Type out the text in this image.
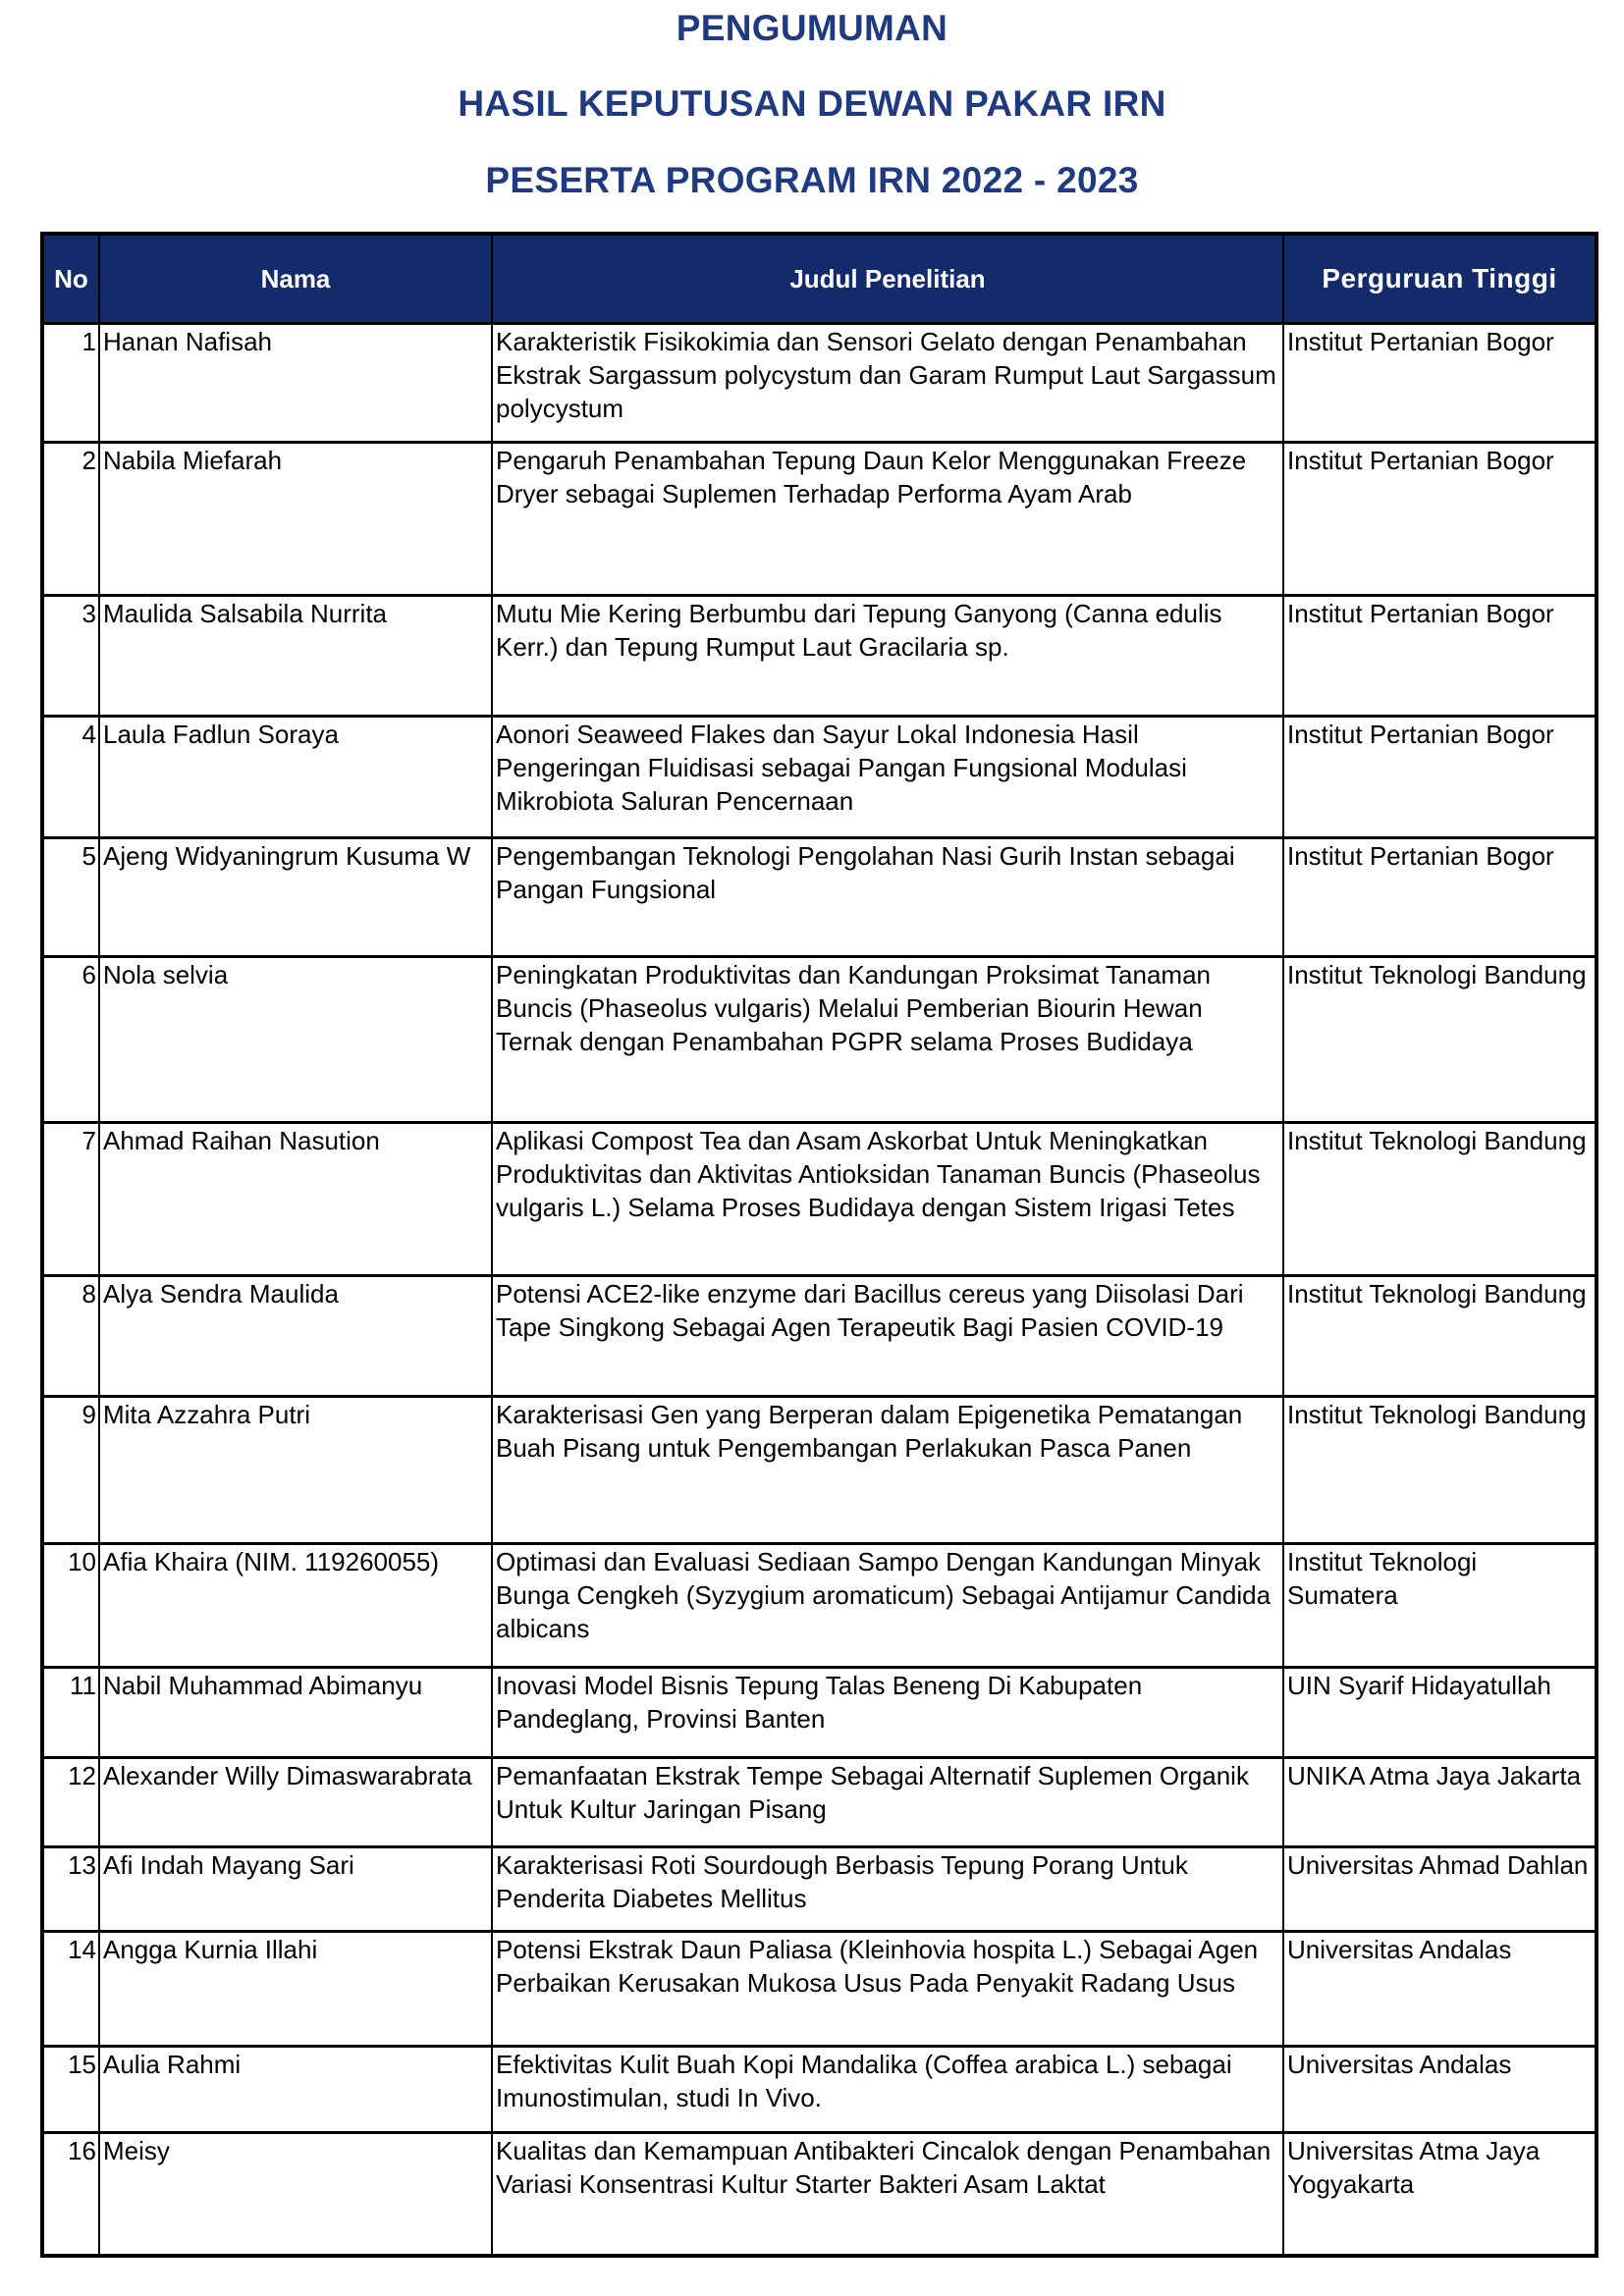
PENGUMUMAN
HASIL KEPUTUSAN DEWAN PAKAR IRN
PESERTA PROGRAM IRN 2022 - 2023
No	Nama	Judul Penelitian	Perguruan Tinggi
1	Hanan Nafisah	Karakteristik Fisikokimia dan Sensori Gelato dengan Penambahan Ekstrak Sargassum polycystum dan Garam Rumput Laut Sargassum polycystum	Institut Pertanian Bogor
2	Nabila Miefarah	Pengaruh Penambahan Tepung Daun Kelor Menggunakan Freeze Dryer sebagai Suplemen Terhadap Performa Ayam Arab	Institut Pertanian Bogor
3	Maulida Salsabila Nurrita	Mutu Mie Kering Berbumbu dari Tepung Ganyong (Canna edulis Kerr.) dan Tepung Rumput Laut Gracilaria sp.	Institut Pertanian Bogor
4	Laula Fadlun Soraya	Aonori Seaweed Flakes dan Sayur Lokal Indonesia Hasil Pengeringan Fluidisasi sebagai Pangan Fungsional Modulasi Mikrobiota Saluran Pencernaan	Institut Pertanian Bogor
5	Ajeng Widyaningrum Kusuma W	Pengembangan Teknologi Pengolahan Nasi Gurih Instan sebagai Pangan Fungsional	Institut Pertanian Bogor
6	Nola selvia	Peningkatan Produktivitas dan Kandungan Proksimat Tanaman Buncis (Phaseolus vulgaris) Melalui Pemberian Biourin Hewan Ternak dengan Penambahan PGPR selama Proses Budidaya	Institut Teknologi Bandung
7	Ahmad Raihan Nasution	Aplikasi Compost Tea dan Asam Askorbat Untuk Meningkatkan Produktivitas dan Aktivitas Antioksidan Tanaman Buncis (Phaseolus vulgaris L.) Selama Proses Budidaya dengan Sistem Irigasi Tetes	Institut Teknologi Bandung
8	Alya Sendra Maulida	Potensi ACE2-like enzyme dari Bacillus cereus yang Diisolasi Dari Tape Singkong Sebagai Agen Terapeutik Bagi Pasien COVID-19	Institut Teknologi Bandung
9	Mita Azzahra Putri	Karakterisasi Gen yang Berperan dalam Epigenetika Pematangan Buah Pisang untuk Pengembangan Perlakukan Pasca Panen	Institut Teknologi Bandung
10	Afia Khaira (NIM. 119260055)	Optimasi dan Evaluasi Sediaan Sampo Dengan Kandungan Minyak Bunga Cengkeh (Syzygium aromaticum) Sebagai Antijamur Candida albicans	Institut Teknologi Sumatera
11	Nabil Muhammad Abimanyu	Inovasi Model Bisnis Tepung Talas Beneng Di Kabupaten Pandeglang, Provinsi Banten	UIN Syarif Hidayatullah
12	Alexander Willy Dimaswarabrata	Pemanfaatan Ekstrak Tempe Sebagai Alternatif Suplemen Organik Untuk Kultur Jaringan Pisang	UNIKA Atma Jaya Jakarta
13	Afi Indah Mayang Sari	Karakterisasi Roti Sourdough Berbasis Tepung Porang Untuk Penderita Diabetes Mellitus	Universitas Ahmad Dahlan
14	Angga Kurnia Illahi	Potensi Ekstrak Daun Paliasa (Kleinhovia hospita L.) Sebagai Agen Perbaikan Kerusakan Mukosa Usus Pada Penyakit Radang Usus	Universitas Andalas
15	Aulia Rahmi	Efektivitas Kulit Buah Kopi Mandalika (Coffea arabica L.) sebagai Imunostimulan, studi In Vivo.	Universitas Andalas
16	Meisy	Kualitas dan Kemampuan Antibakteri Cincalok dengan Penambahan Variasi Konsentrasi Kultur Starter Bakteri Asam Laktat	Universitas Atma Jaya Yogyakarta
